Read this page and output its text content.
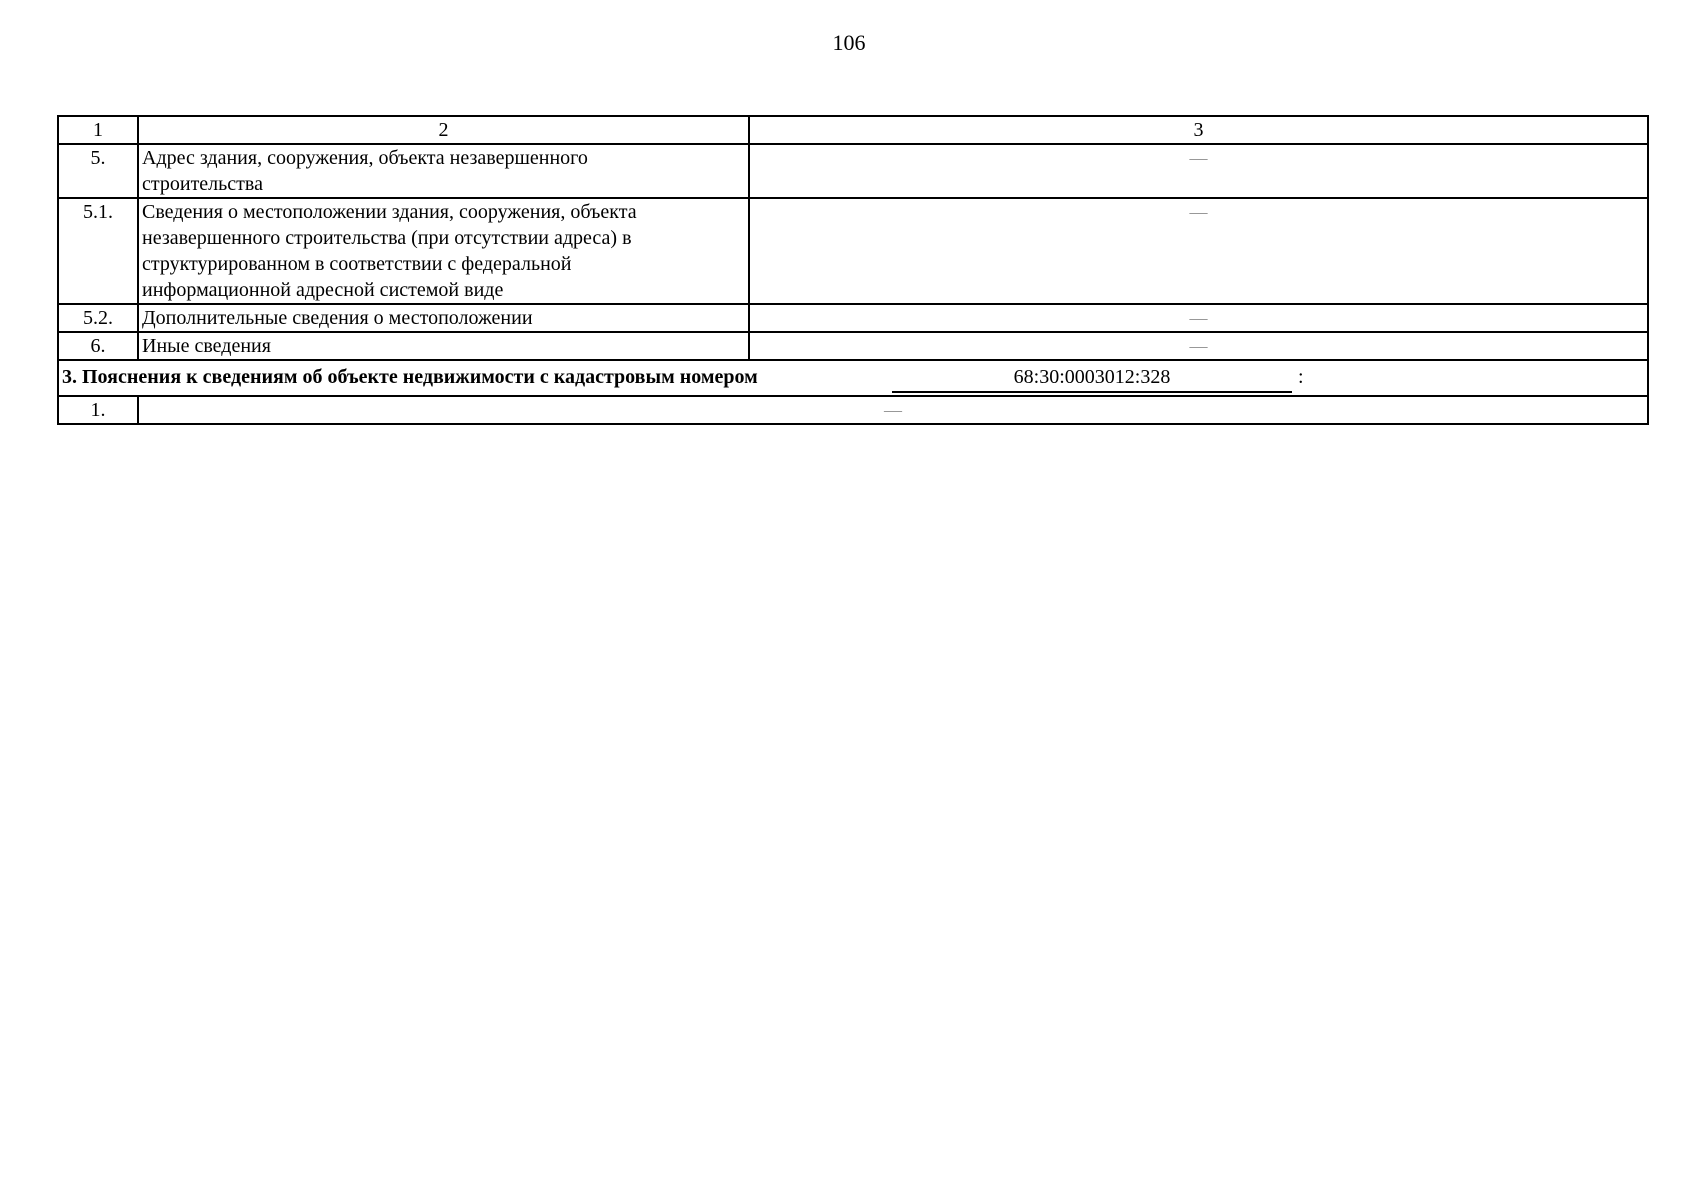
106
1	2	3
5.	Адрес здания, сооружения, объекта незавершенного
строительства	—
5.1.	Сведения о местоположении здания, сооружения, объекта
незавершенного строительства (при отсутствии адреса) в
структурированном в соответствии с федеральной
информационной адресной системой виде	—
5.2.	Дополнительные сведения о местоположении	—
6.	Иные сведения	—

3. Пояснения к сведениям об объекте недвижимости с кадастровым номером 68:30:0003012:328 :		

1.	—	
